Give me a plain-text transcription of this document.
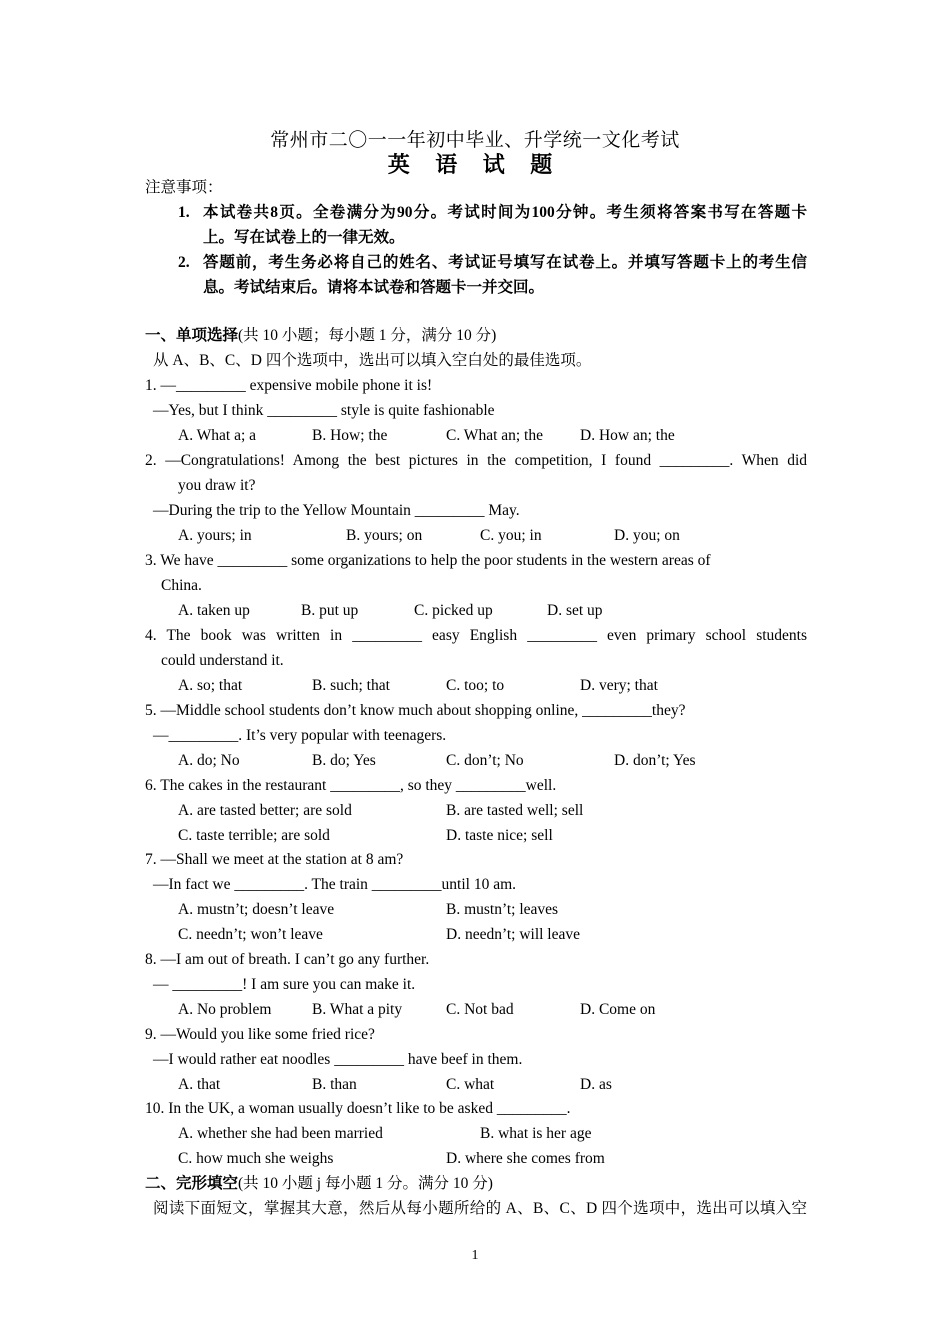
常州市二〇一一年初中毕业、升学统一文化考试
英 语 试 题
注意事项：
1. 本试卷共8页。全卷满分为90分。考试时间为100分钟。考生须将答案书写在答题卡
上。写在试卷上的一律无效。
2. 答题前，考生务必将自己的姓名、考试证号填写在试卷上。并填写答题卡上的考生信
息。考试结束后。请将本试卷和答题卡一并交回。
一、单项选择(共 10 小题；每小题 1 分，满分 10 分)
从 A、B、C、D 四个选项中，选出可以填入空白处的最佳选项。
1. —_________ expensive mobile phone it is!
—Yes, but I think _________ style is quite fashionable
A. What a; a	B. How; the	C. What an; the D. How an; the
2. —Congratulations! Among the best pictures in the competition, I found _________. When did
you draw it?
—During the trip to the Yellow Mountain _________ May.
A. yours; in	B. yours; on	C. you; in	D. you; on
3. We have _________ some organizations to help the poor students in the western areas of
China.
A. taken up	B. put up	C. picked up	D. set up
4. The book was written in _________ easy English _________ even primary school students
could understand it.
A. so; that	B. such; that	C. too; to	D. very; that
5. —Middle school students don’t know much about shopping online, _________they?
—_________. It’s very popular with teenagers.
A. do; No	B. do; Yes	C. don’t; No	D. don’t; Yes
6. The cakes in the restaurant _________, so they _________well.
A. are tasted better; are sold	B. are tasted well; sell
C. taste terrible; are sold	D. taste nice; sell
7. —Shall we meet at the station at 8 am?
—In fact we _________. The train _________until 10 am.
A. mustn’t; doesn’t leave	B. mustn’t; leaves
C. needn’t; won’t leave	D. needn’t; will leave
8. —I am out of breath. I can’t go any further.
— _________! I am sure you can make it.
A. No problem	B. What a pity	C. Not bad	D. Come on
9. —Would you like some fried rice?
—I would rather eat noodles _________ have beef in them.
A. that	B. than	C. what	D. as
10. In the UK, a woman usually doesn’t like to be asked _________.
A. whether she had been married	B. what is her age
C. how much she weighs	D. where she comes from
二、完形填空(共 10 小题 j 每小题 1 分。满分 10 分)
阅读下面短文，掌握其大意，然后从每小题所给的 A、B、C、D 四个选项中，选出可以填入空
1
